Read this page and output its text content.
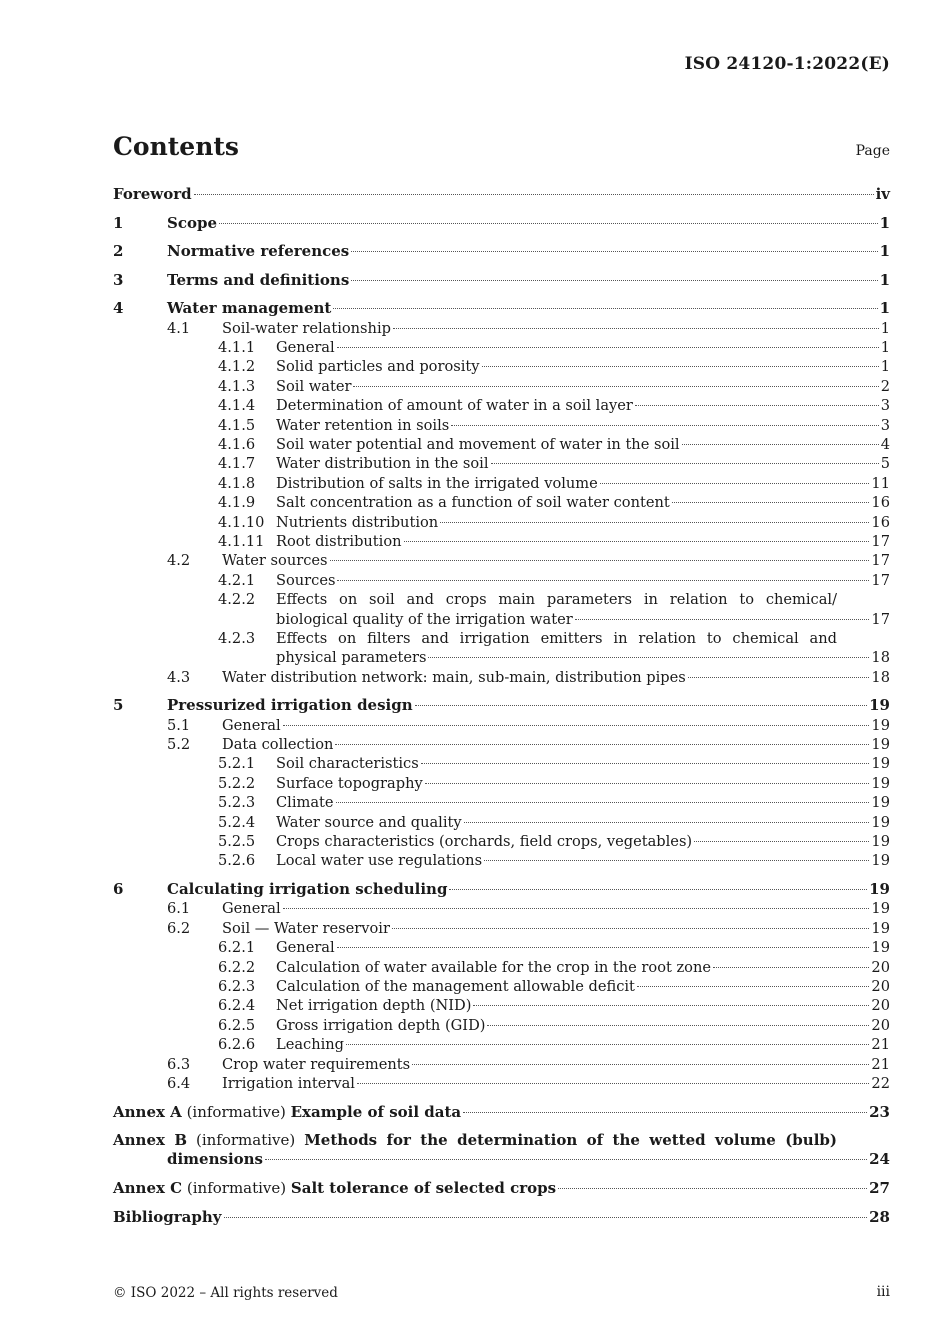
ISO 24120-1:2022(E)
Contents	Page
Foreword	iv
1	Scope	1
2	Normative references	1
3	Terms and definitions	1
4	Water management	1
4.1	Soil-water relationship	1
4.1.1	General	1
4.1.2	Solid particles and porosity	1
4.1.3	Soil water	2
4.1.4	Determination of amount of water in a soil layer	3
4.1.5	Water retention in soils	3
4.1.6	Soil water potential and movement of water in the soil	4
4.1.7	Water distribution in the soil	5
4.1.8	Distribution of salts in the irrigated volume	11
4.1.9	Salt concentration as a function of soil water content	16
4.1.10 Nutrients distribution	16
4.1.11 Root distribution	17
4.2	Water sources	17
4.2.1	Sources	17
4.2.2	Effects on soil and crops main parameters in relation to chemical/
biological quality of the irrigation water	17
4.2.3	Effects on filters and irrigation emitters in relation to chemical and
physical parameters	18
4.3	Water distribution network: main, sub-main, distribution pipes	18
5	Pressurized irrigation design	19
5.1	General	19
5.2	Data collection	19
5.2.1	Soil characteristics	19
5.2.2	Surface topography	19
5.2.3	Climate	19
5.2.4	Water source and quality	19
5.2.5	Crops characteristics (orchards, field crops, vegetables)	19
5.2.6	Local water use regulations	19
6	Calculating irrigation scheduling	19
6.1	General	19
6.2	Soil — Water reservoir	19
6.2.1	General	19
6.2.2	Calculation of water available for the crop in the root zone	20
6.2.3	Calculation of the management allowable deficit	20
6.2.4	Net irrigation depth (NID)	20
6.2.5	Gross irrigation depth (GID)	20
6.2.6	Leaching	21
6.3	Crop water requirements	21
6.4	Irrigation interval	22
Annex A (informative) Example of soil data	23
Annex B (informative) Methods for the determination of the wetted volume (bulb)
dimensions	24
Annex C (informative) Salt tolerance of selected crops	27
Bibliography	28
© ISO 2022 – All rights reserved	iii
